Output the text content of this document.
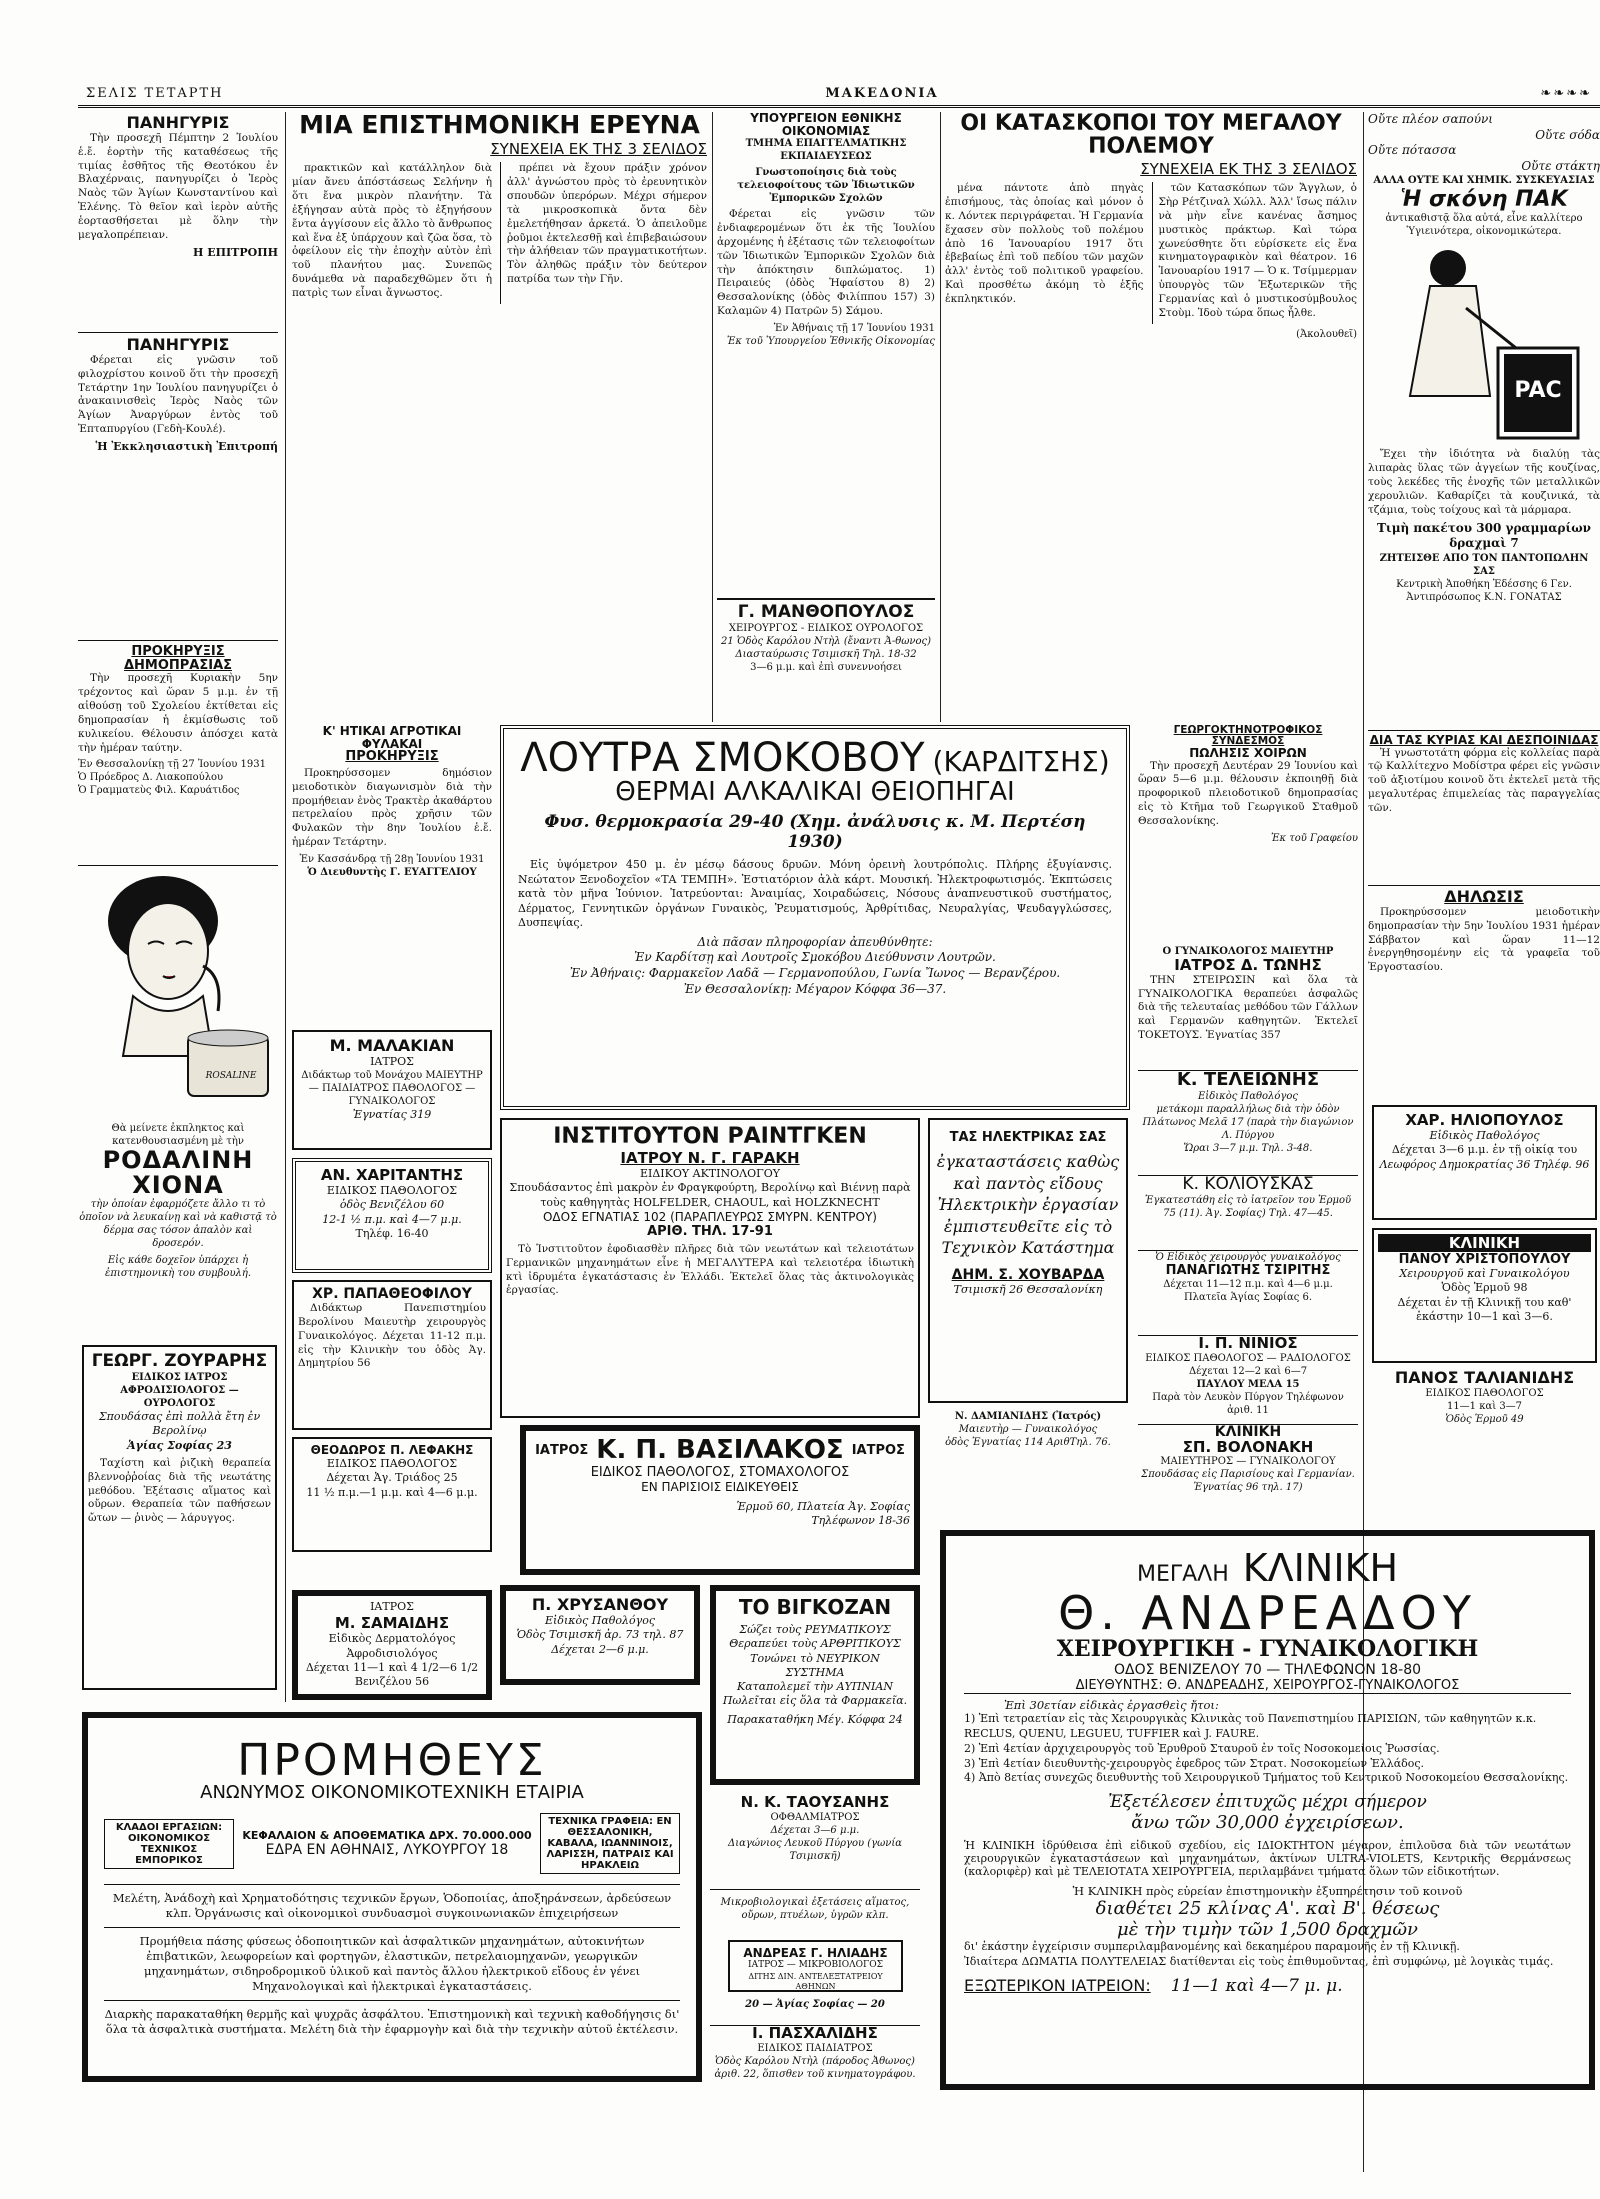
ΣΕΛΙΣ ΤΕΤΑΡΤΗ	ΜΑΚΕΔΟΝΙΑ	❧❧❧❧
ΠΑΝΗΓΥΡΙΣ

Τὴν προσεχῆ Πέμπτην 2 Ἰουλίου ἑ.ἔ. ἑορτὴν τῆς καταθέσεως τῆς τιμίας ἐσθῆτος τῆς Θεοτόκου ἐν Βλαχέρναις, πανηγυρίζει ὁ Ἱερὸς Ναὸς τῶν Ἁγίων Κωνσταντίνου καὶ Ἑλένης. Τὸ θεῖον καὶ ἱερὸν αὐτῆς ἑορτασθήσεται μὲ ὅλην τὴν μεγαλοπρέπειαν.

Η ΕΠΙΤΡΟΠΗ
ΠΑΝΗΓΥΡΙΣ

Φέρεται εἰς γνῶσιν τοῦ φιλοχρίστου κοινοῦ ὅτι τὴν προσεχῆ Τετάρτην 1ην Ἰουλίου πανηγυρίζει ὁ ἀνακαινισθεὶς Ἱερὸς Ναὸς τῶν Ἁγίων Ἀναργύρων ἐντὸς τοῦ Ἐπταπυργίου (Γεδὴ-Κουλέ).

Ἡ Ἐκκλησιαστικὴ Ἐπιτροπή
ΠΡΟΚΗΡΥΞΙΣ ΔΗΜΟΠΡΑΣΙΑΣ

Τὴν προσεχῆ Κυριακὴν 5ην τρέχοντος καὶ ὥραν 5 μ.μ. ἐν τῇ αἰθούσῃ τοῦ Σχολείου ἐκτίθεται εἰς δημοπρασίαν ἡ ἐκμίσθωσις τοῦ κυλικείου. Θέλουσιν ἀπόσχει κατὰ τὴν ἡμέραν ταύτην.

Ἐν Θεσσαλονίκῃ τῇ 27 Ἰουνίου 1931
Ὁ Πρόεδρος Δ. Λιακοπούλου
Ὁ Γραμματεὺς Φιλ. Καρυάτιδος
ROSALINE
Θὰ μείνετε ἐκπληκτος καὶ κατενθουσιασμένη μὲ τὴν
ΡΟΔΑΛΙΝΗ
ΧΙΟΝΑ
τὴν ὁποίαν ἐφαρμόζετε ἄλλο τι τὸ ὁποῖον νὰ λευκαίνῃ καὶ νὰ καθιστᾷ τὸ δέρμα σας τόσον ἁπαλὸν καὶ δροσερόν.
Εἰς κάθε δοχεῖον ὑπάρχει ἡ ἐπιστημονικὴ του συμβουλή.
ΓΕΩΡΓ. ΖΟΥΡΑΡΗΣ
ΕΙΔΙΚΟΣ ΙΑΤΡΟΣ ΑΦΡΟΔΙΣΙΟΛΟΓΟΣ — ΟΥΡΟΛΟΓΟΣ
Σπουδάσας ἐπὶ πολλὰ ἔτη ἐν Βερολίνῳ
Ἁγίας Σοφίας 23

Ταχίστη καὶ ῥιζικὴ θεραπεία βλεννοῤῥοίας διὰ τῆς νεωτάτης μεθόδου. Ἐξέτασις αἵματος καὶ οὔρων. Θεραπεία τῶν παθήσεων ὤτων — ῥινὸς — λάρυγγος.

ΜΙΑ ΕΠΙΣΤΗΜΟΝΙΚΗ ΕΡΕΥΝΑ
ΣΥΝΕΧΕΙΑ ΕΚ ΤΗΣ 3 ΣΕΛΙΔΟΣ

πρακτικῶν καὶ κατάλληλον διὰ μίαν ἄνευ ἀπόστάσεως Σελήνην ἡ ὅτι ἔνα μικρὸν πλανήτην. Τὰ ἐξήγησαν αὐτὰ πρὸς τὸ ἐξηγήσουν ἔντα ἀγγίσουν εἰς ἄλλο τὸ ἄνθρωπος καὶ ἕνα ἐξ ὑπάρχουν καὶ ζῶα ὅσα, τὸ ὀφείλουν εἰς τὴν ἐποχὴν αὐτὸν ἐπὶ τοῦ πλανήτου μας. Συνεπῶς δυνάμεθα νὰ παραδεχθῶμεν ὅτι ἡ πατρὶς των εἶναι ἄγνωστος.

πρέπει νὰ ἔχουν πράξιν χρόνον ἀλλ' ἀγνώστου πρὸς τὸ ἐρευνητικὸν σπουδῶν ὑπερόρων. Μέχρι σήμερον τὰ μικροσκοπικὰ ὄντα δὲν ἐμελετήθησαν ἀρκετά. Ὁ ἀπειλοῦμε ῥοῦμοι ἐκτελεσθῇ καὶ ἐπιβεβαιώσουν τὴν ἀλήθειαν τῶν πραγματικοτήτων. Τὸν ἀληθῶς πράξιν τὸν δεύτερον πατρίδα των τὴν Γῆν.

ΥΠΟΥΡΓΕΙΟΝ ΕΘΝΙΚΗΣ ΟΙΚΟΝΟΜΙΑΣ
ΤΜΗΜΑ ΕΠΑΓΓΕΛΜΑΤΙΚΗΣ ΕΚΠΑΙΔΕΥΣΕΩΣ
Γνωστοποίησις διὰ τοὺς τελειοφοίτους τῶν Ἰδιωτικῶν Ἐμπορικῶν Σχολῶν

Φέρεται εἰς γνῶσιν τῶν ἐνδιαφερομένων ὅτι ἐκ τῆς Ἰουλίου ἀρχομένης ἡ ἐξέτασις τῶν τελειοφοίτων τῶν Ἰδιωτικῶν Ἐμπορικῶν Σχολῶν διὰ τὴν ἀπόκτησιν διπλώματος. 1) Πειραιεύς (ὁδὸς Ἡφαίστου 8) 2) Θεσσαλονίκης (ὁδὸς Φιλίππου 157) 3) Καλαμῶν 4) Πατρῶν 5) Σάμου.

Ἐν Ἀθήναις τῇ 17 Ἰουνίου 1931
Ἐκ τοῦ Ὑπουργείου Ἐθνικῆς Οἰκονομίας
Γ. ΜΑΝΘΟΠΟΥΛΟΣ
ΧΕΙΡΟΥΡΓΟΣ - ΕΙΔΙΚΟΣ ΟΥΡΟΛΟΓΟΣ
21 Ὁδὸς Καρόλου Ντὴλ (ἔναντι Ἀ-θωνος) Διασταύρωσις Τσιμισκῆ Τηλ. 18-32
3—6 μ.μ. καὶ ἐπὶ συνεννοήσει
ΟΙ ΚΑΤΑΣΚΟΠΟΙ ΤΟΥ ΜΕΓΑΛΟΥ ΠΟΛΕΜΟΥ
ΣΥΝΕΧΕΙΑ ΕΚ ΤΗΣ 3 ΣΕΛΙΔΟΣ

μένα πάντοτε ἀπὸ πηγὰς ἐπισήμους, τὰς ὁποίας καὶ μόνον ὁ κ. Λόντεκ περιγράφεται. Ἡ Γερμανία ἔχασεν σὺν πολλοὺς τοῦ πολέμου ἀπὸ 16 Ἰανουαρίου 1917 ὅτι ἐβεβαίως ἐπὶ τοῦ πεδίου τῶν μαχῶν ἀλλ' ἐντὸς τοῦ πολιτικοῦ γραφείου. Καὶ προσθέτω ἀκόμη τὸ ἑξῆς ἐκπληκτικόν.

τῶν Κατασκόπων τῶν Ἄγγλων, ὁ Σὴρ Ρέτζιναλ Χώλλ. Ἀλλ' ἴσως πάλιν νὰ μὴν εἶνε κανένας ἄσημος μυστικὸς πράκτωρ. Καὶ τώρα χωνεύσθητε ὅτι εὑρίσκετε εἰς ἕνα κινηματογραφικὸν καὶ θέατρον. 16 Ἰανουαρίου 1917 — Ὁ κ. Τσίμμερμαν ὑπουργὸς τῶν Ἐξωτερικῶν τῆς Γερμανίας καὶ ὁ μυστικοσύμβουλος Στοὺμ. Ἰδοὺ τώρα ὅπως ἦλθε.

(Ἀκολουθεῖ)
Οὔτε πλέον σαπούνι
Οὔτε σόδα
Οὔτε πότασσα
Οὔτε στάκτη
ΑΛΛΑ ΟΥΤΕ ΚΑΙ ΧΗΜΙΚ. ΣΥΣΚΕΥΑΣΙΑΣ
Ἡ σκόνη ΠΑΚ
ἀντικαθιστᾷ ὅλα αὐτά, εἶνε καλλίτερο Ὑγιεινότερα, οἰκονομικώτερα.
PAC

Ἔχει τὴν ἰδιότητα νὰ διαλύῃ τὰς λιπαρὰς ὕλας τῶν ἀγγείων τῆς κουζίνας, τοὺς λεκέδες τῆς ἐνοχῆς τῶν μεταλλικῶν χερουλιῶν. Καθαρίζει τὰ κουζινικά, τὰ τζάμια, τοὺς τοίχους καὶ τὰ μάρμαρα.

Τιμὴ πακέτου 300 γραμμαρίων δραχμαὶ 7
ΖΗΤΕΙΣΘΕ ΑΠΟ ΤΟΝ ΠΑΝΤΟΠΩΛΗΝ ΣΑΣ
Κεντρικὴ Ἀποθήκη Ἐδέσσης 6 Γεν. Ἀντιπρόσωπος Κ.Ν. ΓΟΝΑΤΑΣ
ΔΙΑ ΤΑΣ ΚΥΡΙΑΣ ΚΑΙ ΔΕΣΠΟΙΝΙΔΑΣ

Ἡ γνωστοτάτη φόρμα εἰς κολλείας παρὰ τῷ Καλλίτεχνο Μοδίστρα φέρει εἰς γνῶσιν τοῦ ἀξιοτίμου κοινοῦ ὅτι ἐκτελεῖ μετὰ τῆς μεγαλυτέρας ἐπιμελείας τὰς παραγγελίας τῶν.

ΔΗΛΩΣΙΣ

Προκηρύσσομεν μειοδοτικὴν δημοπρασίαν τὴν 5ην Ἰουλίου 1931 ἡμέραν Σάββατον καὶ ὥραν 11—12 ἐνεργηθησομένην εἰς τὰ γραφεῖα τοῦ Ἐργοστασίου.

ΧΑΡ. ΗΛΙΟΠΟΥΛΟΣ
Εἰδικὸς Παθολόγος
Δέχεται 3—6 μ.μ. ἐν τῇ οἰκίᾳ του
Λεωφόρος Δημοκρατίας 36 Τηλέφ. 96
ΚΛΙΝΙΚΗ
ΠΑΝΟΥ ΧΡΙΣΤΟΠΟΥΛΟΥ
Χειρουργοῦ καὶ Γυναικολόγου
Ὁδὸς Ἑρμοῦ 98
Δέχεται ἐν τῇ Κλινικῇ του καθ' ἑκάστην 10—1 καὶ 3—6.
ΠΑΝΟΣ ΤΑΛΙΑΝΙΔΗΣ
ΕΙΔΙΚΟΣ ΠΑΘΟΛΟΓΟΣ
11—1 καὶ 3—7
Ὁδὸς Ἑρμοῦ 49
Κ' ΗΤΙΚΑΙ ΑΓΡΟΤΙΚΑΙ ΦΥΛΑΚΑΙ
ΠΡΟΚΗΡΥΞΙΣ

Προκηρύσσομεν δημόσιον μειοδοτικὸν διαγωνισμὸν διὰ τὴν προμήθειαν ἑνὸς Τρακτὲρ ἀκαθάρτου πετρελαίου πρὸς χρῆσιν τῶν Φυλακῶν τὴν 8ην Ἰουλίου ἑ.ἔ. ἡμέραν Τετάρτην.

Ἐν Κασσάνδρᾳ τῇ 28ῃ Ἰουνίου 1931
Ὁ Διευθυντὴς Γ. ΕΥΑΓΓΕΛΙΟΥ
Μ. ΜΑΛΑΚΙΑΝ
ΙΑΤΡΟΣ
Διδάκτωρ τοῦ Μονάχου ΜΑΙΕΥΤΗΡ — ΠΑΙΔΙΑΤΡΟΣ ΠΑΘΟΛΟΓΟΣ — ΓΥΝΑΙΚΟΛΟΓΟΣ
Ἐγνατίας 319
ΑΝ. ΧΑΡΙΤΑΝΤΗΣ
ΕΙΔΙΚΟΣ ΠΑΘΟΛΟΓΟΣ
ὁδὸς Βενιζέλου 60
12-1 ½ π.μ. καὶ 4—7 μ.μ.
Τηλέφ. 16-40
ΧΡ. ΠΑΠΑΘΕΟΦΙΛΟΥ

Διδάκτωρ Πανεπιστημίου Βερολίνου Μαιευτὴρ χειρουργὸς Γυναικολόγος. Δέχεται 11-12 π.μ. εἰς τὴν Κλινικὴν του ὁδὸς Ἀγ. Δημητρίου 56

ΘΕΟΔΩΡΟΣ Π. ΛΕΦΑΚΗΣ
ΕΙΔΙΚΟΣ ΠΑΘΟΛΟΓΟΣ
Δέχεται Ἀγ. Τριάδος 25
11 ½ π.μ.—1 μ.μ. καὶ 4—6 μ.μ.
ΙΑΤΡΟΣ
Μ. ΣΑΜΑΙΔΗΣ
Εἰδικὸς Δερματολόγος Ἀφροδισιολόγος
Δέχεται 11—1 καὶ 4 1/2—6 1/2 Βενιζέλου 56
ΛΟΥΤΡΑ ΣΜΟΚΟΒΟΥ (ΚΑΡΔΙΤΣΗΣ)
ΘΕΡΜΑΙ ΑΛΚΑΛΙΚΑΙ ΘΕΙΟΠΗΓΑΙ
Φυσ. θερμοκρασία 29-40 (Χημ. ἀνάλυσις κ. Μ. Περτέση 1930)

Εἰς ὑψόμετρον 450 μ. ἐν μέσῳ δάσους δρυῶν. Μόνη ὀρεινὴ λουτρόπολις. Πλήρης ἐξυγίανσις. Νεώτατον Ξενοδοχεῖον «ΤΑ ΤΕΜΠΗ». Ἐστιατόριον ἀλὰ κάρτ. Μουσική. Ἠλεκτροφωτισμός. Ἐκπτώσεις κατὰ τὸν μῆνα Ἰούνιον. Ἰατρεύονται: Ἀναιμίας, Χοιραδώσεις, Νόσους ἀναπνευστικοῦ συστήματος, Δέρματος, Γεννητικῶν ὀργάνων Γυναικὸς, Ῥευματισμούς, Ἀρθρίτιδας, Νευραλγίας, Ψευδαγγλώσσες, Δυσπεψίας.

Διὰ πᾶσαν πληροφορίαν ἀπευθύνθητε:
Ἐν Καρδίτσῃ καὶ Λουτροῖς Σμοκόβου Διεύθυνσιν Λουτρῶν.
Ἐν Ἀθήναις: Φαρμακεῖον Λαδᾶ — Γερμανοπούλου, Γωνία Ἴωνος — Βερανζέρου.
Ἐν Θεσσαλονίκῃ: Μέγαρον Κόφφα 36—37.
ΙΝΣΤΙΤΟΥΤΟΝ ΡΑΙΝΤΓΚΕΝ
ΙΑΤΡΟΥ Ν. Γ. ΓΑΡΑΚΗ
ΕΙΔΙΚΟΥ ΑΚΤΙΝΟΛΟΓΟΥ
Σπουδάσαντος ἐπὶ μακρὸν ἐν Φραγκφούρτη, Βερολίνῳ καὶ Βιέννῃ παρὰ τοὺς καθηγητὰς HOLFELDER, CHAOUL, καὶ HOLZKNECHT
ΟΔΟΣ ΕΓΝΑΤΙΑΣ 102 (ΠΑΡΑΠΛΕΥΡΩΣ ΣΜΥΡΝ. ΚΕΝΤΡΟΥ)
ΑΡΙΘ. ΤΗΛ. 17-91

Τὸ Ἰνστιτοῦτον ἐφοδιασθὲν πλῆρες διὰ τῶν νεωτάτων καὶ τελειοτάτων Γερμανικῶν μηχανημάτων εἶνε ἡ ΜΕΓΑΛΥΤΕΡΑ καὶ τελειοτέρα ἰδιωτικὴ κτὶ ἰδρυμέτα ἐγκατάστασις ἐν Ἑλλάδι. Ἐκτελεῖ ὅλας τὰς ἀκτινολογικὰς ἐργασίας.

ΤΑΣ ΗΛΕΚΤΡΙΚΑΣ ΣΑΣ
ἐγκαταστάσεις καθὼς καὶ παντὸς εἴδους Ἠλεκτρικὴν ἐργασίαν ἐμπιστευθεῖτε εἰς τὸ Τεχνικὸν Κατάστημα
ΔΗΜ. Σ. ΧΟΥΒΑΡΔΑ
Τσιμισκῆ 26 Θεσσαλονίκη
Ν. ΔΑΜΙΑΝΙΔΗΣ (Ἰατρός)
Μαιευτὴρ — Γυναικολόγος
ὁδὸς Ἐγνατίας 114 ΑριθΤηλ. 76.
ΙΑΤΡΟΣ Κ. Π. ΒΑΣΙΛΑΚΟΣ ΙΑΤΡΟΣ
ΕΙΔΙΚΟΣ ΠΑΘΟΛΟΓΟΣ, ΣΤΟΜΑΧΟΛΟΓΟΣ
ΕΝ ΠΑΡΙΣΙΟΙΣ ΕΙΔΙΚΕΥΘΕΙΣ
Ἑρμοῦ 60, Πλατεία Ἀγ. Σοφίας
Τηλέφωνον 18-36
Π. ΧΡΥΣΑΝΘΟΥ
Εἰδικὸς Παθολόγος
Ὁδὸς Τσιμισκῆ ἀρ. 73 τηλ. 87
Δέχεται 2—6 μ.μ.
ΤΟ ΒΙΓΚΟΖΑΝ
Σώζει τοὺς ΡΕΥΜΑΤΙΚΟΥΣ
Θεραπεύει τοὺς ΑΡΘΡΙΤΙΚΟΥΣ
Τονώνει τὸ ΝΕΥΡΙΚΟΝ ΣΥΣΤΗΜΑ
Καταπολεμεῖ τὴν ΑΥΠΝΙΑΝ
Πωλεῖται εἰς ὅλα τὰ Φαρμακεῖα.
Παρακαταθήκη Μέγ. Κόφφα 24
Ν. Κ. ΤΑΟΥΣΑΝΗΣ
ΟΦΘΑΛΜΙΑΤΡΟΣ
Δέχεται 3—6 μ.μ.
Διαγώνιος Λευκοῦ Πύργου (γωνία Τσιμισκῆ)
Μικροβιολογικαὶ ἐξετάσεις αἵματος, οὔρων, πτυέλων, ὑγρῶν κλπ.
ΑΝΔΡΕΑΣ Γ. ΗΛΙΑΔΗΣ
ΙΑΤΡΟΣ — ΜΙΚΡΟΒΙΟΛΟΓΟΣ
ΔΙΤΗΣ ΔΙΝ. ΑΝΤΕΛΕΞΤΑΤΡΕΙΟΥ ΑΘΗΝΩΝ
20 — Ἁγίας Σοφίας — 20
Ι. ΠΑΣΧΑΛΙΔΗΣ
ΕΙΔΙΚΟΣ ΠΑΙΔΙΑΤΡΟΣ
Ὁδὸς Καρόλου Ντὴλ (πάροδος Ἀθωνος) ἀριθ. 22, ὅπισθεν τοῦ κινηματογράφου.
ΓΕΩΡΓΟΚΤΗΝΟΤΡΟΦΙΚΟΣ ΣΥΝΔΕΣΜΟΣ
ΠΩΛΗΣΙΣ ΧΟΙΡΩΝ

Τὴν προσεχῆ Δευτέραν 29 Ἰουνίου καὶ ὥραν 5—6 μ.μ. θέλουσιν ἐκποιηθῇ διὰ προφορικοῦ πλειοδοτικοῦ δημοπρασίας εἰς τὸ Κτῆμα τοῦ Γεωργικοῦ Σταθμοῦ Θεσσαλονίκης.

Ἐκ τοῦ Γραφείου
Ο ΓΥΝΑΙΚΟΛΟΓΟΣ ΜΑΙΕΥΤΗΡ
ΙΑΤΡΟΣ Δ. ΤΩΝΗΣ

ΤΗΝ ΣΤΕΙΡΩΣΙΝ καὶ ὅλα τὰ ΓΥΝΑΙΚΟΛΟΓΙΚΑ θεραπεύει ἀσφαλῶς διὰ τῆς τελευταίας μεθόδου τῶν Γάλλων καὶ Γερμανῶν καθηγητῶν. Ἐκτελεῖ ΤΟΚΕΤΟΥΣ. Ἐγνατίας 357

Κ. ΤΕΛΕΙΩΝΗΣ
Εἰδικὸς Παθολόγος
μετάκομι παραλλήλως διὰ τὴν ὁδὸν Πλάτωνος Μελᾶ 17 (παρὰ τὴν διαγώνιον Λ. Πύργου
Ὥραι 3—7 μ.μ. Τηλ. 3-48.
Κ. ΚΟΛΙΟΥΣΚΑΣ
Ἐγκατεστάθη εἰς τὸ ἰατρεῖον του Ἑρμοῦ 75 (11). Ἀγ. Σοφίας) Τηλ. 47—45.
Ὁ Εἰδικὸς χειρουργὸς γυναικολόγος
ΠΑΝΑΓΙΩΤΗΣ ΤΣΙΡΙΤΗΣ
Δέχεται 11—12 π.μ. καὶ 4—6 μ.μ.
Πλατεῖα Ἁγίας Σοφίας 6.
Ι. Π. ΝΙΝΙΟΣ
ΕΙΔΙΚΟΣ ΠΑΘΟΛΟΓΟΣ — ΡΑΔΙΟΛΟΓΟΣ
Δέχεται 12—2 καὶ 6—7
ΠΑΥΛΟΥ ΜΕΛΑ 15
Παρὰ τὸν Λευκὸν Πύργον Τηλέφωνον ἀριθ. 11
ΚΛΙΝΙΚΗ
ΣΠ. ΒΟΛΟΝΑΚΗ
ΜΑΙΕΥΤΗΡΟΣ — ΓΥΝΑΙΚΟΛΟΓΟΥ
Σπουδάσας εἰς Παρισίους καὶ Γερμανίαν.
Ἐγνατίας 96 τηλ. 17)
ΠΡΟΜΗΘΕΥΣ
ΑΝΩΝΥΜΟΣ ΟΙΚΟΝΟΜΙΚΟΤΕΧΝΙΚΗ ΕΤΑΙΡΙΑ
ΚΛΑΔΟΙ ΕΡΓΑΣΙΩΝ: ΟΙΚΟΝΟΜΙΚΟΣ ΤΕΧΝΙΚΟΣ ΕΜΠΟΡΙΚΟΣ
ΚΕΦΑΛΑΙΟΝ & ΑΠΟΘΕΜΑΤΙΚΑ ΔΡΧ. 70.000.000
ΕΔΡΑ ΕΝ ΑΘΗΝΑΙΣ, ΛΥΚΟΥΡΓΟΥ 18
ΤΕΧΝΙΚΑ ΓΡΑΦΕΙΑ: ΕΝ ΘΕΣΣΑΛΟΝΙΚΗ, ΚΑΒΑΛΑ, ΙΩΑΝΝΙΝΟΙΣ, ΛΑΡΙΣΣΗ, ΠΑΤΡΑΙΣ ΚΑΙ ΗΡΑΚΛΕΙΩ
Μελέτη, Ἀνάδοχὴ καὶ Χρηματοδότησις τεχνικῶν ἔργων, Ὁδοποιίας, ἀποξηράνσεων, ἀρδεύσεων κλπ. Ὀργάνωσις καὶ οἰκονομικοὶ συνδυασμοὶ συγκοινωνιακῶν ἐπιχειρήσεων
Προμήθεια πάσης φύσεως ὁδοποιητικῶν καὶ ἀσφαλτικῶν μηχανημάτων, αὐτοκινήτων ἐπιβατικῶν, λεωφορείων καὶ φορτηγῶν, ἐλαστικῶν, πετρελαιομηχανῶν, γεωργικῶν μηχανημάτων, σιδηροδρομικοῦ ὑλικοῦ καὶ παντὸς ἄλλου ἠλεκτρικοῦ εἴδους ἐν γένει Μηχανολογικαὶ καὶ ἠλεκτρικαὶ ἐγκαταστάσεις.
Διαρκὴς παρακαταθήκη θερμῆς καὶ ψυχρᾶς ἀσφάλτου. Ἐπιστημονικὴ καὶ τεχνικὴ καθοδήγησις δι' ὅλα τὰ ἀσφαλτικὰ συστήματα. Μελέτη διὰ τὴν ἐφαρμογὴν καὶ διὰ τὴν τεχνικὴν αὐτοῦ ἐκτέλεσιν.
ΜΕΓΑΛΗ ΚΛΙΝΙΚΗ
Θ. ΑΝΔΡΕΑΔΟΥ
ΧΕΙΡΟΥΡΓΙΚΗ - ΓΥΝΑΙΚΟΛΟΓΙΚΗ
ΟΔΟΣ ΒΕΝΙΖΕΛΟΥ 70 — ΤΗΛΕΦΩΝΟΝ 18-80
ΔΙΕΥΘΥΝΤΗΣ: Θ. ΑΝΔΡΕΑΔΗΣ, ΧΕΙΡΟΥΡΓΟΣ-ΓΥΝΑΙΚΟΛΟΓΟΣ
Ἐπὶ 30ετίαν εἰδικὰς ἐργασθεὶς ἤτοι:
1) Ἐπὶ τετραετίαν εἰς τὰς Χειρουργικὰς Κλινικὰς τοῦ Πανεπιστημίου ΠΑΡΙΣΙΩΝ, τῶν καθηγητῶν κ.κ. RECLUS, QUENU, LEGUEU, TUFFIER καὶ J. FAURE.
2) Ἐπὶ 4ετίαν ἀρχιχειρουργὸς τοῦ Ἐρυθροῦ Σταυροῦ ἐν τοῖς Νοσοκομείοις Ῥωσσίας.
3) Ἐπὶ 4ετίαν διευθυντὴς-χειρουργὸς ἐφεδρος τῶν Στρατ. Νοσοκομείων Ἑλλάδος.
4) Ἀπὸ 8ετίας συνεχῶς διευθυντὴς τοῦ Χειρουργικοῦ Τμήματος τοῦ Κεντρικοῦ Νοσοκομείου Θεσσαλονίκης.
Ἐξετέλεσεν ἐπιτυχῶς μέχρι σήμερον
ἄνω τῶν 30,000 ἐγχειρίσεων.
Ἡ ΚΛΙΝΙΚΗ ἱδρύθεισα ἐπὶ εἰδικοῦ σχεδίου, εἰς ΙΔΙΟΚΤΗΤΟΝ μέγαρον, ἐπιλοῦσα διὰ τῶν νεωτάτων χειρουργικῶν ἐγκαταστάσεων καὶ μηχανημάτων, ἀκτίνων ULTRA-VIOLETS, Κεντρικῆς Θερμάνσεως (καλοριφὲρ) καὶ μὲ ΤΕΛΕΙΟΤΑΤΑ ΧΕΙΡΟΥΡΓΕΙΑ, περιλαμβάνει τμήματα ὅλων τῶν εἰδικοτήτων.
Ἡ ΚΛΙΝΙΚΗ πρὸς εὐρείαν ἐπιστημονικὴν ἐξυπηρέτησιν τοῦ κοινοῦ
διαθέτει 25 κλίνας Α'. καὶ Β'. θέσεως
μὲ τὴν τιμὴν τῶν 1,500 δραχμῶν
δι' ἑκάστην ἐγχείρισιν συμπεριλαμβανομένης καὶ δεκαημέρου παραμονῆς ἐν τῇ Κλινικῇ.
Ἰδιαίτερα ΔΩΜΑΤΙΑ ΠΟΛΥΤΕΛΕΙΑΣ διατίθενται εἰς τοὺς ἐπιθυμοῦντας, ἐπὶ συμφώνῳ, μὲ λογικὰς τιμάς.
ΕΞΩΤΕΡΙΚΟΝ ΙΑΤΡΕΙΟΝ: 11—1 καὶ 4—7 μ. μ.
